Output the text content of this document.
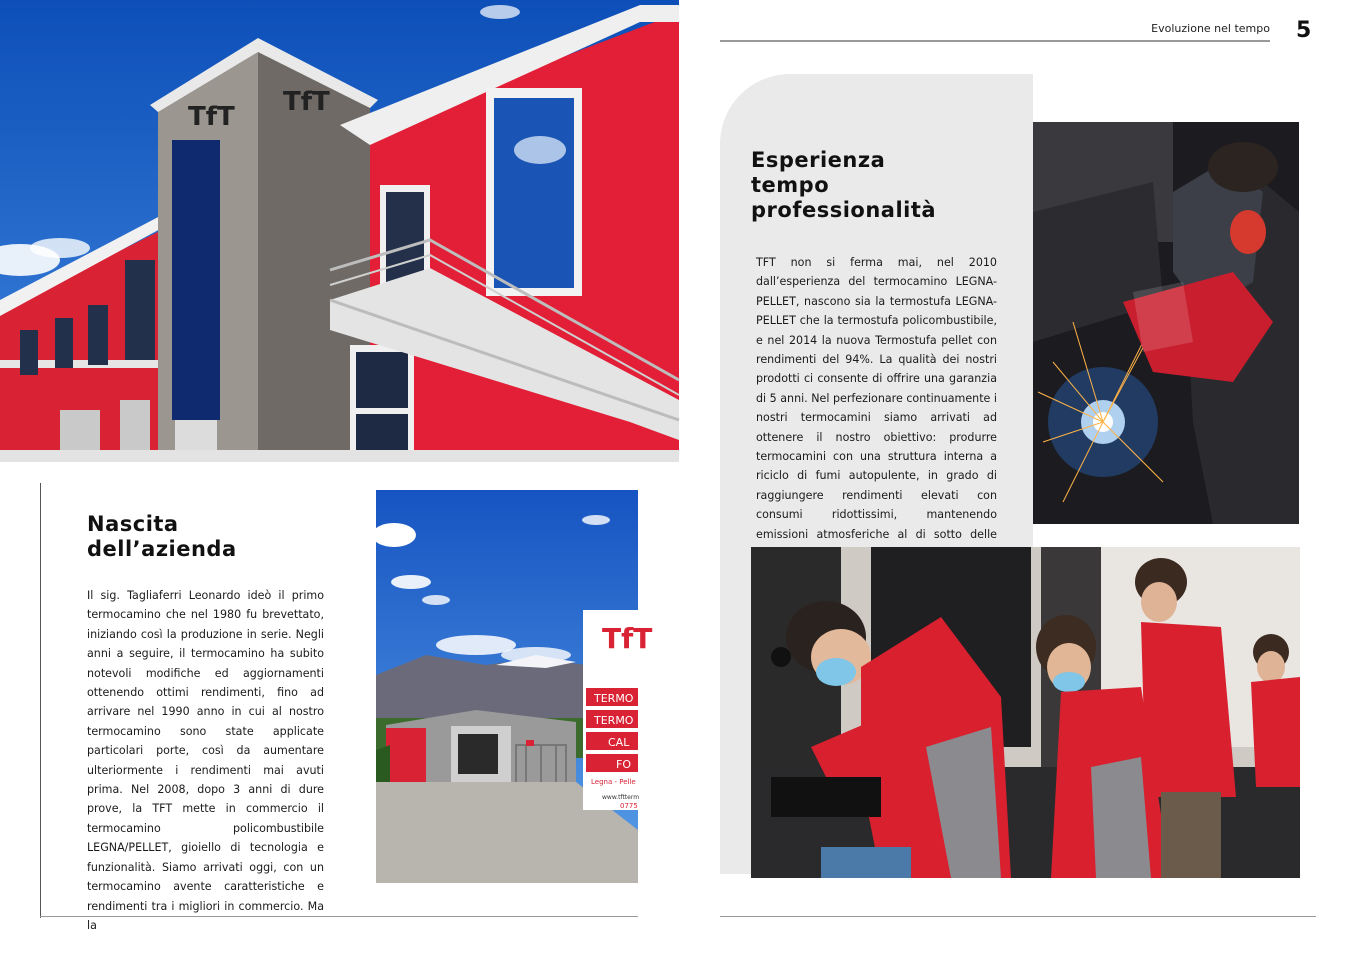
TfT TfT
Nascita
dell’azienda

Il sig. Tagliaferri Leonardo ideò il primo termocamino che nel 1980 fu brevettato, iniziando così la produzione in serie. Negli anni a seguire, il termocamino ha subito notevoli modifiche ed aggiornamenti ottenendo ottimi rendimenti, fino ad arrivare nel 1990 anno in cui al nostro termocamino sono state applicate particolari porte, così da aumentare ulteriormente i rendimenti mai avuti prima. Nel 2008, dopo 3 anni di dure prove, la TFT mette in commercio il termocamino policombustibile LEGNA/PELLET, gioiello di tecnologia e funzionalità. Siamo arrivati oggi, con un termocamino avente caratteristiche e rendimenti tra i migliori in commercio. Ma la

TfT
TERMO
TERMO
CAL
FO
Legna - Pelle
0775
www.tftterm
Evoluzione nel tempo 5
Esperienza
tempo
professionalità

TFT non si ferma mai, nel 2010 dall’esperienza del termocamino LEGNA-PELLET, nascono sia la termostufa LEGNA-PELLET che la termostufa policombustibile, e nel 2014 la nuova Termostufa pellet con rendimenti del 94%. La qualità dei nostri prodotti ci consente di offrire una garanzia di 5 anni. Nel perfezionare continuamente i nostri termocamini siamo arrivati ad ottenere il nostro obiettivo: produrre termocamini con una struttura interna a riciclo di fumi autopulente, in grado di raggiungere rendimenti elevati con consumi ridottissimi, mantenendo emissioni atmosferiche al di sotto delle
